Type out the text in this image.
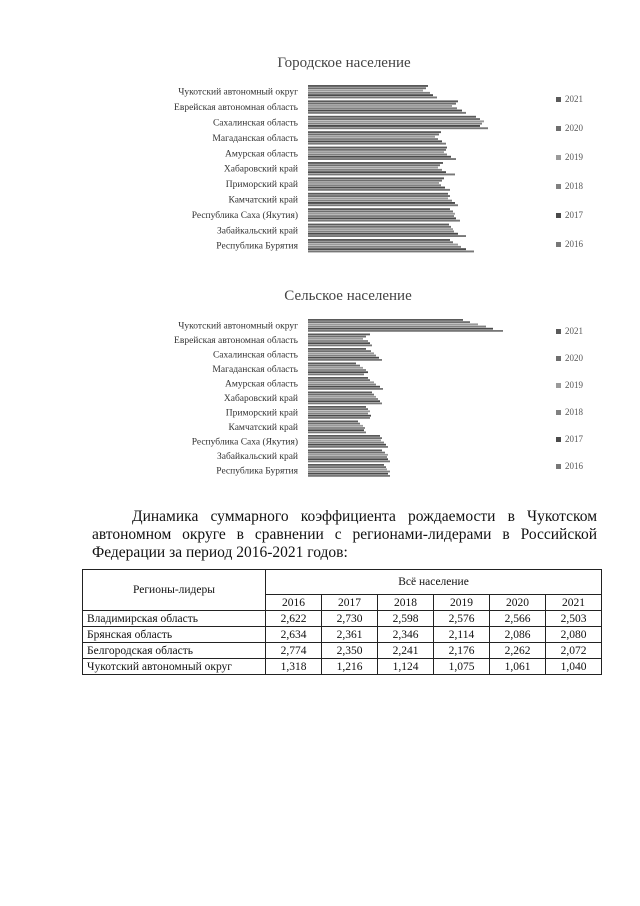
Городское население
Чукотский автономный округ
Еврейская автономная область
Сахалинская область
Магаданская область
Амурская область
Хабаровский край
Приморский край
Камчатский край
Республика Саха (Якутия)
Забайкальский край
Республика Бурятия
2021
2020
2019
2018
2017
2016
Сельское население
Чукотский автономный округ
Еврейская автономная область
Сахалинская область
Магаданская область
Амурская область
Хабаровский край
Приморский край
Камчатский край
Республика Саха (Якутия)
Забайкальский край
Республика Бурятия
2021
2020
2019
2018
2017
2016
Динамика суммарного коэффициента рождаемости в Чукотском автономном округе в сравнении с регионами-лидерами в Российской Федерации за период 2016-2021 годов:
Регионы-лидеры	Всё население					
	2016	2017	2018	2019	2020	2021
Владимирская область	2,622	2,730	2,598	2,576	2,566	2,503
Брянская область	2,634	2,361	2,346	2,114	2,086	2,080
Белгородская область	2,774	2,350	2,241	2,176	2,262	2,072
Чукотский автономный округ	1,318	1,216	1,124	1,075	1,061	1,040
